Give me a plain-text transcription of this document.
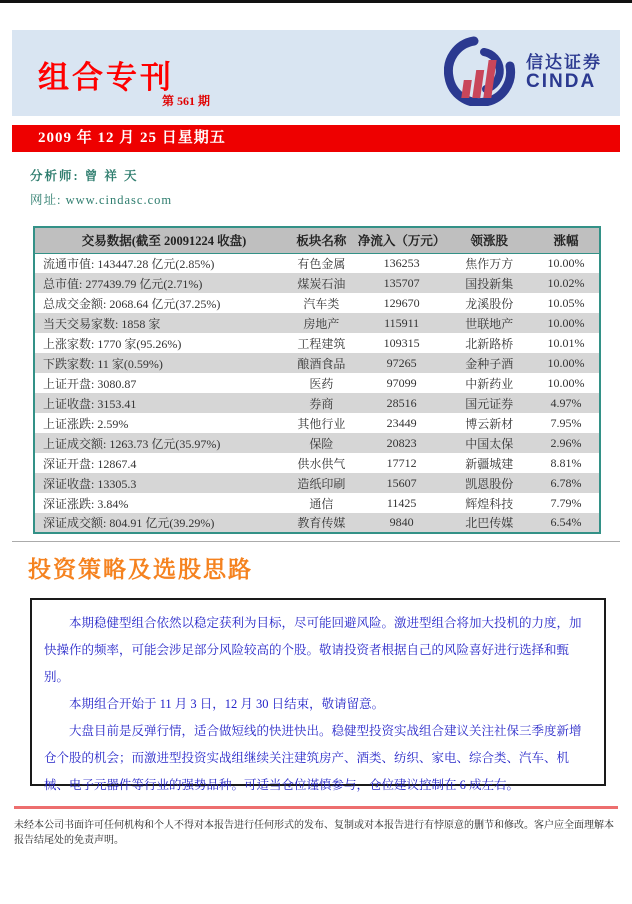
组合专刊
第 561 期
信达证券
CINDA
2009 年 12 月 25 日星期五
分析师: 曾 祥 天
网址: www.cindasc.com
交易数据(截至 20091224 收盘)	板块名称	净流入（万元）	领涨股	涨幅
流通市值: 143447.28 亿元(2.85%)	有色金属	136253	焦作万方	10.00%
总市值: 277439.79 亿元(2.71%)	煤炭石油	135707	国投新集	10.02%
总成交金额: 2068.64 亿元(37.25%)	汽车类	129670	龙溪股份	10.05%
当天交易家数: 1858 家	房地产	115911	世联地产	10.00%
上涨家数: 1770 家(95.26%)	工程建筑	109315	北新路桥	10.01%
下跌家数: 11 家(0.59%)	酿酒食品	97265	金种子酒	10.00%
上证开盘: 3080.87	医药	97099	中新药业	10.00%
上证收盘: 3153.41	券商	28516	国元证券	4.97%
上证涨跌: 2.59%	其他行业	23449	博云新材	7.95%
上证成交额: 1263.73 亿元(35.97%)	保险	20823	中国太保	2.96%
深证开盘: 12867.4	供水供气	17712	新疆城建	8.81%
深证收盘: 13305.3	造纸印刷	15607	凯恩股份	6.78%
深证涨跌: 3.84%	通信	11425	辉煌科技	7.79%
深证成交额: 804.91 亿元(39.29%)	教育传媒	9840	北巴传媒	6.54%
投资策略及选股思路

本期稳健型组合依然以稳定获利为目标，尽可能回避风险。激进型组合将加大投机的力度，加快操作的频率，可能会涉足部分风险较高的个股。敬请投资者根据自己的风险喜好进行选择和甄别。

本期组合开始于 11 月 3 日，12 月 30 日结束，敬请留意。

大盘目前是反弹行情，适合做短线的快进快出。稳健型投资实战组合建议关注社保三季度新增仓个股的机会；而激进型投资实战组继续关注建筑房产、酒类、纺织、家电、综合类、汽车、机械、电子元器件等行业的强势品种。可适当仓位谨慎参与，仓位建议控制在 6 成左右。

未经本公司书面许可任何机构和个人不得对本报告进行任何形式的发布、复制或对本报告进行有悖原意的删节和修改。客户应全面理解本报告结尾处的免责声明。
